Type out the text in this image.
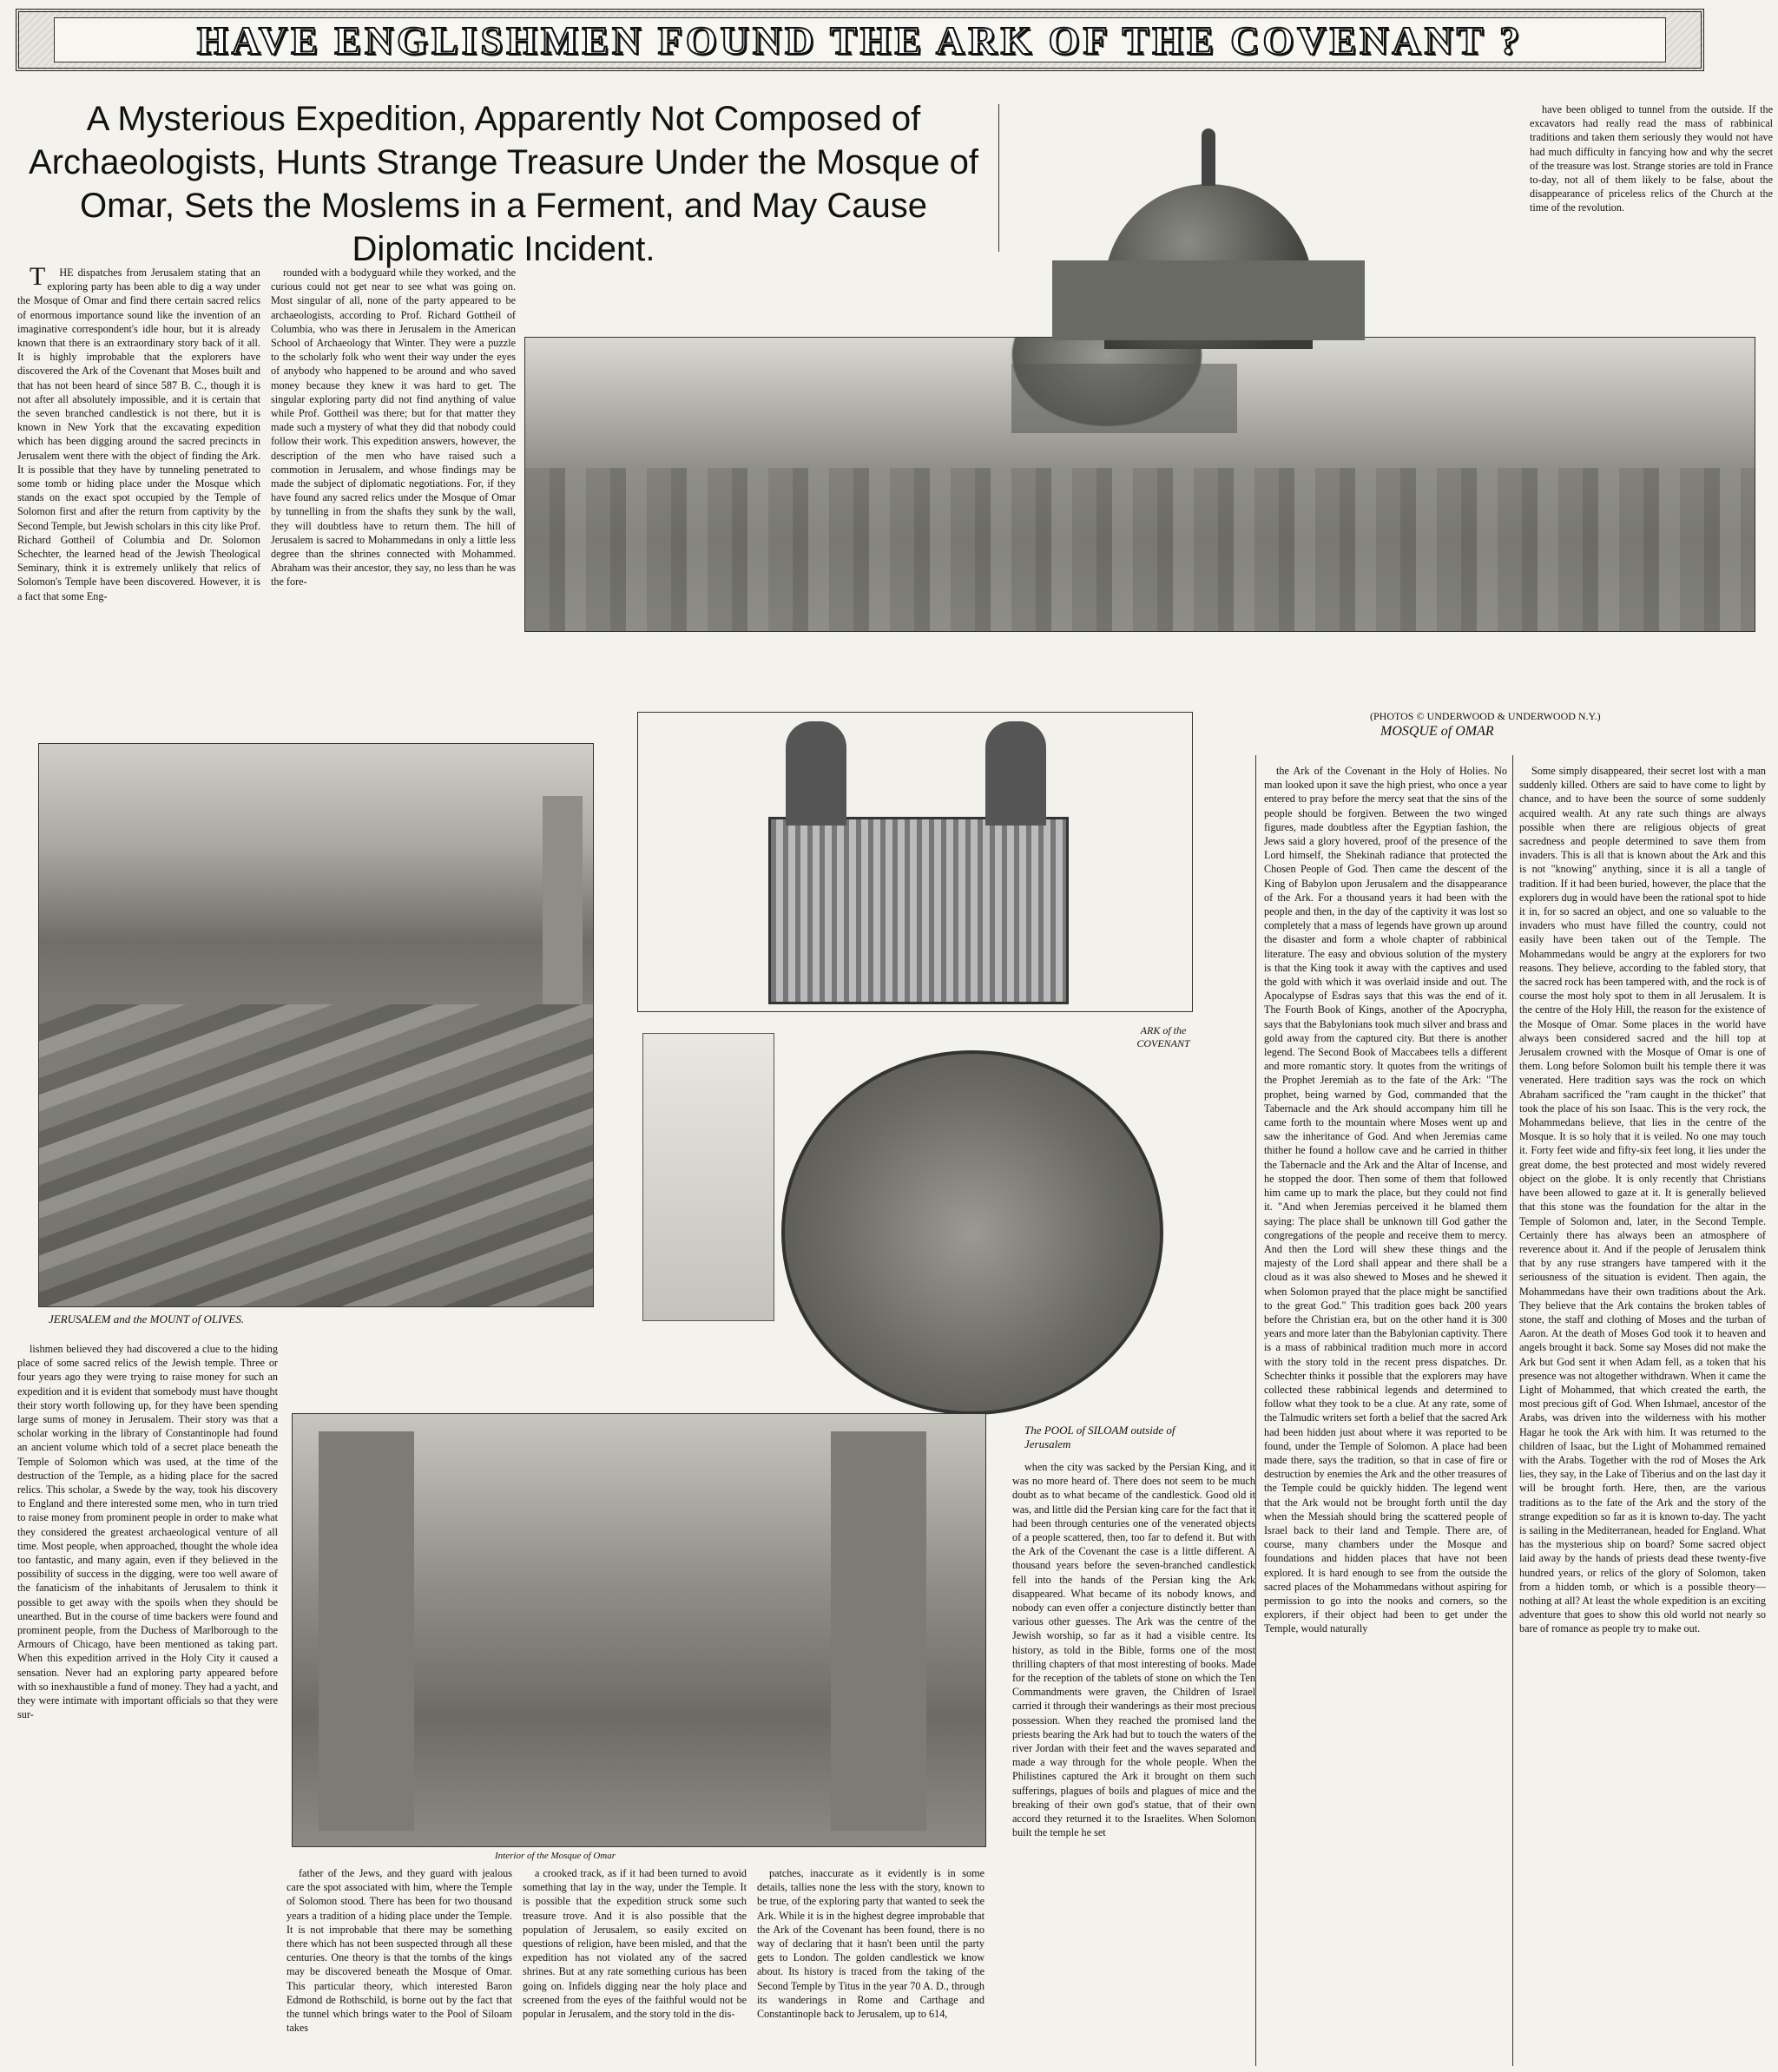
HAVE ENGLISHMEN FOUND THE ARK OF THE COVENANT ?
A Mysterious Expedition, Apparently Not Composed of Archaeologists, Hunts Strange Treasure Under the Mosque of Omar, Sets the Moslems in a Ferment, and May Cause Diplomatic Incident.

THE dispatches from Jerusalem stating that an exploring party has been able to dig a way under the Mosque of Omar and find there certain sacred relics of enormous importance sound like the invention of an imaginative correspondent's idle hour, but it is already known that there is an extraordinary story back of it all. It is highly improbable that the explorers have discovered the Ark of the Covenant that Moses built and that has not been heard of since 587 B. C., though it is not after all absolutely impossible, and it is certain that the seven branched candlestick is not there, but it is known in New York that the excavating expedition which has been digging around the sacred precincts in Jerusalem went there with the object of finding the Ark. It is possible that they have by tunneling penetrated to some tomb or hiding place under the Mosque which stands on the exact spot occupied by the Temple of Solomon first and after the return from captivity by the Second Temple, but Jewish scholars in this city like Prof. Richard Gottheil of Columbia and Dr. Solomon Schechter, the learned head of the Jewish Theological Seminary, think it is extremely unlikely that relics of Solomon's Temple have been discovered. However, it is a fact that some Eng-

rounded with a bodyguard while they worked, and the curious could not get near to see what was going on. Most singular of all, none of the party appeared to be archaeologists, according to Prof. Richard Gottheil of Columbia, who was there in Jerusalem in the American School of Archaeology that Winter. They were a puzzle to the scholarly folk who went their way under the eyes of anybody who happened to be around and who saved money because they knew it was hard to get. The singular exploring party did not find anything of value while Prof. Gottheil was there; but for that matter they made such a mystery of what they did that nobody could follow their work. This expedition answers, however, the description of the men who have raised such a commotion in Jerusalem, and whose findings may be made the subject of diplomatic negotiations. For, if they have found any sacred relics under the Mosque of Omar by tunnelling in from the shafts they sunk by the wall, they will doubtless have to return them. The hill of Jerusalem is sacred to Mohammedans in only a little less degree than the shrines connected with Mohammed. Abraham was their ancestor, they say, no less than he was the fore-

have been obliged to tunnel from the outside. If the excavators had really read the mass of rabbinical traditions and taken them seriously they would not have had much difficulty in fancying how and why the secret of the treasure was lost. Strange stories are told in France to-day, not all of them likely to be false, about the disappearance of priceless relics of the Church at the time of the revolution.

(PHOTOS © UNDERWOOD & UNDERWOOD N.Y.)
MOSQUE of OMAR
JERUSALEM and the MOUNT of OLIVES.
ARK of the COVENANT
The POOL of SILOAM outside of Jerusalem
Interior of the Mosque of Omar

lishmen believed they had discovered a clue to the hiding place of some sacred relics of the Jewish temple. Three or four years ago they were trying to raise money for such an expedition and it is evident that somebody must have thought their story worth following up, for they have been spending large sums of money in Jerusalem. Their story was that a scholar working in the library of Constantinople had found an ancient volume which told of a secret place beneath the Temple of Solomon which was used, at the time of the destruction of the Temple, as a hiding place for the sacred relics. This scholar, a Swede by the way, took his discovery to England and there interested some men, who in turn tried to raise money from prominent people in order to make what they considered the greatest archaeological venture of all time. Most people, when approached, thought the whole idea too fantastic, and many again, even if they believed in the possibility of success in the digging, were too well aware of the fanaticism of the inhabitants of Jerusalem to think it possible to get away with the spoils when they should be unearthed. But in the course of time backers were found and prominent people, from the Duchess of Marlborough to the Armours of Chicago, have been mentioned as taking part. When this expedition arrived in the Holy City it caused a sensation. Never had an exploring party appeared before with so inexhaustible a fund of money. They had a yacht, and they were intimate with important officials so that they were sur-

father of the Jews, and they guard with jealous care the spot associated with him, where the Temple of Solomon stood. There has been for two thousand years a tradition of a hiding place under the Temple. It is not improbable that there may be something there which has not been suspected through all these centuries. One theory is that the tombs of the kings may be discovered beneath the Mosque of Omar. This particular theory, which interested Baron Edmond de Rothschild, is borne out by the fact that the tunnel which brings water to the Pool of Siloam takes

a crooked track, as if it had been turned to avoid something that lay in the way, under the Temple. It is possible that the expedition struck some such treasure trove. And it is also possible that the population of Jerusalem, so easily excited on questions of religion, have been misled, and that the expedition has not violated any of the sacred shrines. But at any rate something curious has been going on. Infidels digging near the holy place and screened from the eyes of the faithful would not be popular in Jerusalem, and the story told in the dis-

patches, inaccurate as it evidently is in some details, tallies none the less with the story, known to be true, of the exploring party that wanted to seek the Ark. While it is in the highest degree improbable that the Ark of the Covenant has been found, there is no way of declaring that it hasn't been until the party gets to London. The golden candlestick we know about. Its history is traced from the taking of the Second Temple by Titus in the year 70 A. D., through its wanderings in Rome and Carthage and Constantinople back to Jerusalem, up to 614,

when the city was sacked by the Persian King, and it was no more heard of. There does not seem to be much doubt as to what became of the candlestick. Good old it was, and little did the Persian king care for the fact that it had been through centuries one of the venerated objects of a people scattered, then, too far to defend it. But with the Ark of the Covenant the case is a little different. A thousand years before the seven-branched candlestick fell into the hands of the Persian king the Ark disappeared. What became of its nobody knows, and nobody can even offer a conjecture distinctly better than various other guesses. The Ark was the centre of the Jewish worship, so far as it had a visible centre. Its history, as told in the Bible, forms one of the most thrilling chapters of that most interesting of books. Made for the reception of the tablets of stone on which the Ten Commandments were graven, the Children of Israel carried it through their wanderings as their most precious possession. When they reached the promised land the priests bearing the Ark had but to touch the waters of the river Jordan with their feet and the waves separated and made a way through for the whole people. When the Philistines captured the Ark it brought on them such sufferings, plagues of boils and plagues of mice and the breaking of their own god's statue, that of their own accord they returned it to the Israelites. When Solomon built the temple he set

the Ark of the Covenant in the Holy of Holies. No man looked upon it save the high priest, who once a year entered to pray before the mercy seat that the sins of the people should be forgiven. Between the two winged figures, made doubtless after the Egyptian fashion, the Jews said a glory hovered, proof of the presence of the Lord himself, the Shekinah radiance that protected the Chosen People of God. Then came the descent of the King of Babylon upon Jerusalem and the disappearance of the Ark. For a thousand years it had been with the people and then, in the day of the captivity it was lost so completely that a mass of legends have grown up around the disaster and form a whole chapter of rabbinical literature. The easy and obvious solution of the mystery is that the King took it away with the captives and used the gold with which it was overlaid inside and out. The Apocalypse of Esdras says that this was the end of it. The Fourth Book of Kings, another of the Apocrypha, says that the Babylonians took much silver and brass and gold away from the captured city. But there is another legend. The Second Book of Maccabees tells a different and more romantic story. It quotes from the writings of the Prophet Jeremiah as to the fate of the Ark: "The prophet, being warned by God, commanded that the Tabernacle and the Ark should accompany him till he came forth to the mountain where Moses went up and saw the inheritance of God. And when Jeremias came thither he found a hollow cave and he carried in thither the Tabernacle and the Ark and the Altar of Incense, and he stopped the door. Then some of them that followed him came up to mark the place, but they could not find it. "And when Jeremias perceived it he blamed them saying: The place shall be unknown till God gather the congregations of the people and receive them to mercy. And then the Lord will shew these things and the majesty of the Lord shall appear and there shall be a cloud as it was also shewed to Moses and he shewed it when Solomon prayed that the place might be sanctified to the great God." This tradition goes back 200 years before the Christian era, but on the other hand it is 300 years and more later than the Babylonian captivity. There is a mass of rabbinical tradition much more in accord with the story told in the recent press dispatches. Dr. Schechter thinks it possible that the explorers may have collected these rabbinical legends and determined to follow what they took to be a clue. At any rate, some of the Talmudic writers set forth a belief that the sacred Ark had been hidden just about where it was reported to be found, under the Temple of Solomon. A place had been made there, says the tradition, so that in case of fire or destruction by enemies the Ark and the other treasures of the Temple could be quickly hidden. The legend went that the Ark would not be brought forth until the day when the Messiah should bring the scattered people of Israel back to their land and Temple. There are, of course, many chambers under the Mosque and foundations and hidden places that have not been explored. It is hard enough to see from the outside the sacred places of the Mohammedans without aspiring for permission to go into the nooks and corners, so the explorers, if their object had been to get under the Temple, would naturally

Some simply disappeared, their secret lost with a man suddenly killed. Others are said to have come to light by chance, and to have been the source of some suddenly acquired wealth. At any rate such things are always possible when there are religious objects of great sacredness and people determined to save them from invaders. This is all that is known about the Ark and this is not "knowing" anything, since it is all a tangle of tradition. If it had been buried, however, the place that the explorers dug in would have been the rational spot to hide it in, for so sacred an object, and one so valuable to the invaders who must have filled the country, could not easily have been taken out of the Temple. The Mohammedans would be angry at the explorers for two reasons. They believe, according to the fabled story, that the sacred rock has been tampered with, and the rock is of course the most holy spot to them in all Jerusalem. It is the centre of the Holy Hill, the reason for the existence of the Mosque of Omar. Some places in the world have always been considered sacred and the hill top at Jerusalem crowned with the Mosque of Omar is one of them. Long before Solomon built his temple there it was venerated. Here tradition says was the rock on which Abraham sacrificed the "ram caught in the thicket" that took the place of his son Isaac. This is the very rock, the Mohammedans believe, that lies in the centre of the Mosque. It is so holy that it is veiled. No one may touch it. Forty feet wide and fifty-six feet long, it lies under the great dome, the best protected and most widely revered object on the globe. It is only recently that Christians have been allowed to gaze at it. It is generally believed that this stone was the foundation for the altar in the Temple of Solomon and, later, in the Second Temple. Certainly there has always been an atmosphere of reverence about it. And if the people of Jerusalem think that by any ruse strangers have tampered with it the seriousness of the situation is evident. Then again, the Mohammedans have their own traditions about the Ark. They believe that the Ark contains the broken tables of stone, the staff and clothing of Moses and the turban of Aaron. At the death of Moses God took it to heaven and angels brought it back. Some say Moses did not make the Ark but God sent it when Adam fell, as a token that his presence was not altogether withdrawn. When it came the Light of Mohammed, that which created the earth, the most precious gift of God. When Ishmael, ancestor of the Arabs, was driven into the wilderness with his mother Hagar he took the Ark with him. It was returned to the children of Isaac, but the Light of Mohammed remained with the Arabs. Together with the rod of Moses the Ark lies, they say, in the Lake of Tiberius and on the last day it will be brought forth. Here, then, are the various traditions as to the fate of the Ark and the story of the strange expedition so far as it is known to-day. The yacht is sailing in the Mediterranean, headed for England. What has the mysterious ship on board? Some sacred object laid away by the hands of priests dead these twenty-five hundred years, or relics of the glory of Solomon, taken from a hidden tomb, or which is a possible theory—nothing at all? At least the whole expedition is an exciting adventure that goes to show this old world not nearly so bare of romance as people try to make out.
